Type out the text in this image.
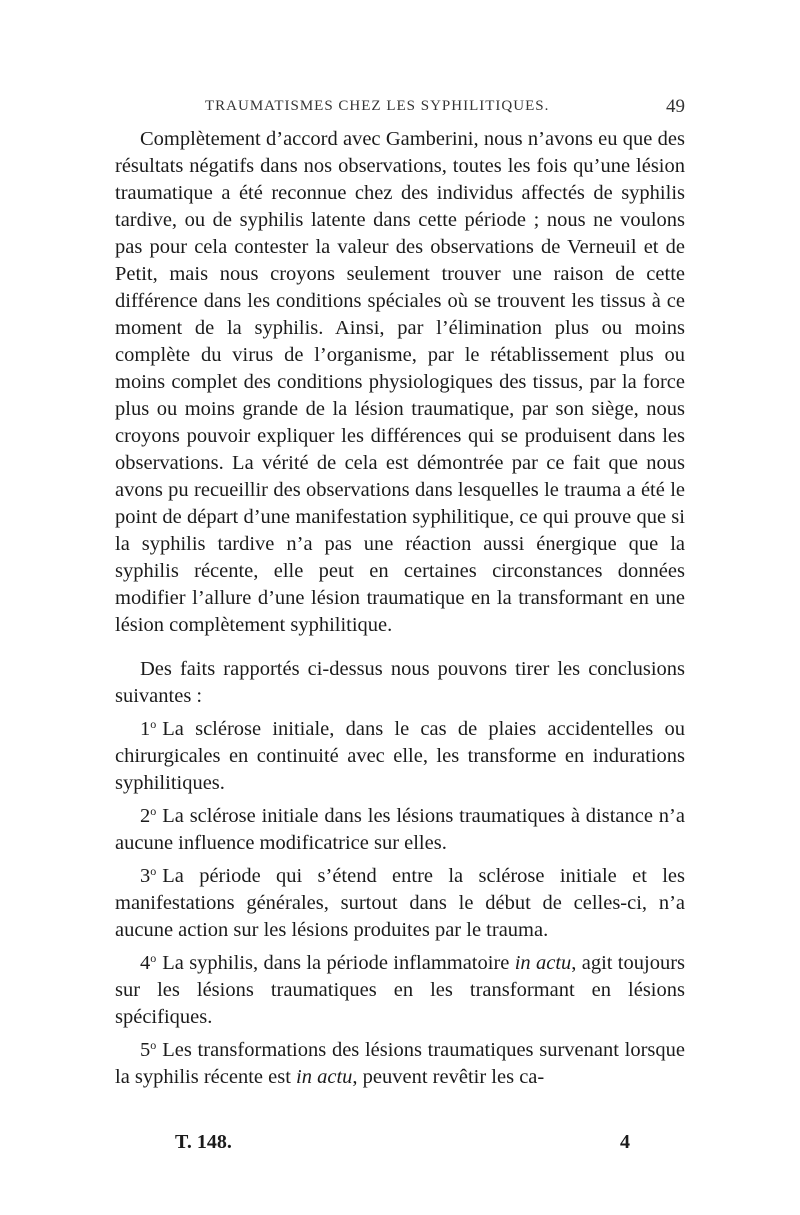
TRAUMATISMES CHEZ LES SYPHILITIQUES.	49

Complètement d’accord avec Gamberini, nous n’avons eu que des résultats négatifs dans nos observations, toutes les fois qu’une lésion traumatique a été reconnue chez des individus affectés de syphilis tardive, ou de syphilis latente dans cette période ; nous ne voulons pas pour cela contester la valeur des observations de Verneuil et de Petit, mais nous croyons seulement trouver une raison de cette différence dans les conditions spéciales où se trouvent les tissus à ce moment de la syphilis. Ainsi, par l’élimination plus ou moins complète du virus de l’organisme, par le rétablissement plus ou moins complet des conditions physiologiques des tissus, par la force plus ou moins grande de la lésion traumatique, par son siège, nous croyons pouvoir expliquer les différences qui se produisent dans les observations. La vérité de cela est démontrée par ce fait que nous avons pu recueillir des observations dans lesquelles le trauma a été le point de départ d’une manifestation syphilitique, ce qui prouve que si la syphilis tardive n’a pas une réaction aussi énergique que la syphilis récente, elle peut en certaines circonstances données modifier l’allure d’une lésion traumatique en la transformant en une lésion complètement syphilitique.

Des faits rapportés ci-dessus nous pouvons tirer les conclusions suivantes :

1$^o$ La sclérose initiale, dans le cas de plaies accidentelles ou chirurgicales en continuité avec elle, les transforme en indurations syphilitiques.

2$^o$ La sclérose initiale dans les lésions traumatiques à distance n’a aucune influence modificatrice sur elles.

3$^o$ La période qui s’étend entre la sclérose initiale et les manifestations générales, surtout dans le début de celles-ci, n’a aucune action sur les lésions produites par le trauma.

4$^o$ La syphilis, dans la période inflammatoire in actu, agit toujours sur les lésions traumatiques en les transformant en lésions spécifiques.

5$^o$ Les transformations des lésions traumatiques survenant lorsque la syphilis récente est in actu, peuvent revêtir les ca-

T. 148.	4
